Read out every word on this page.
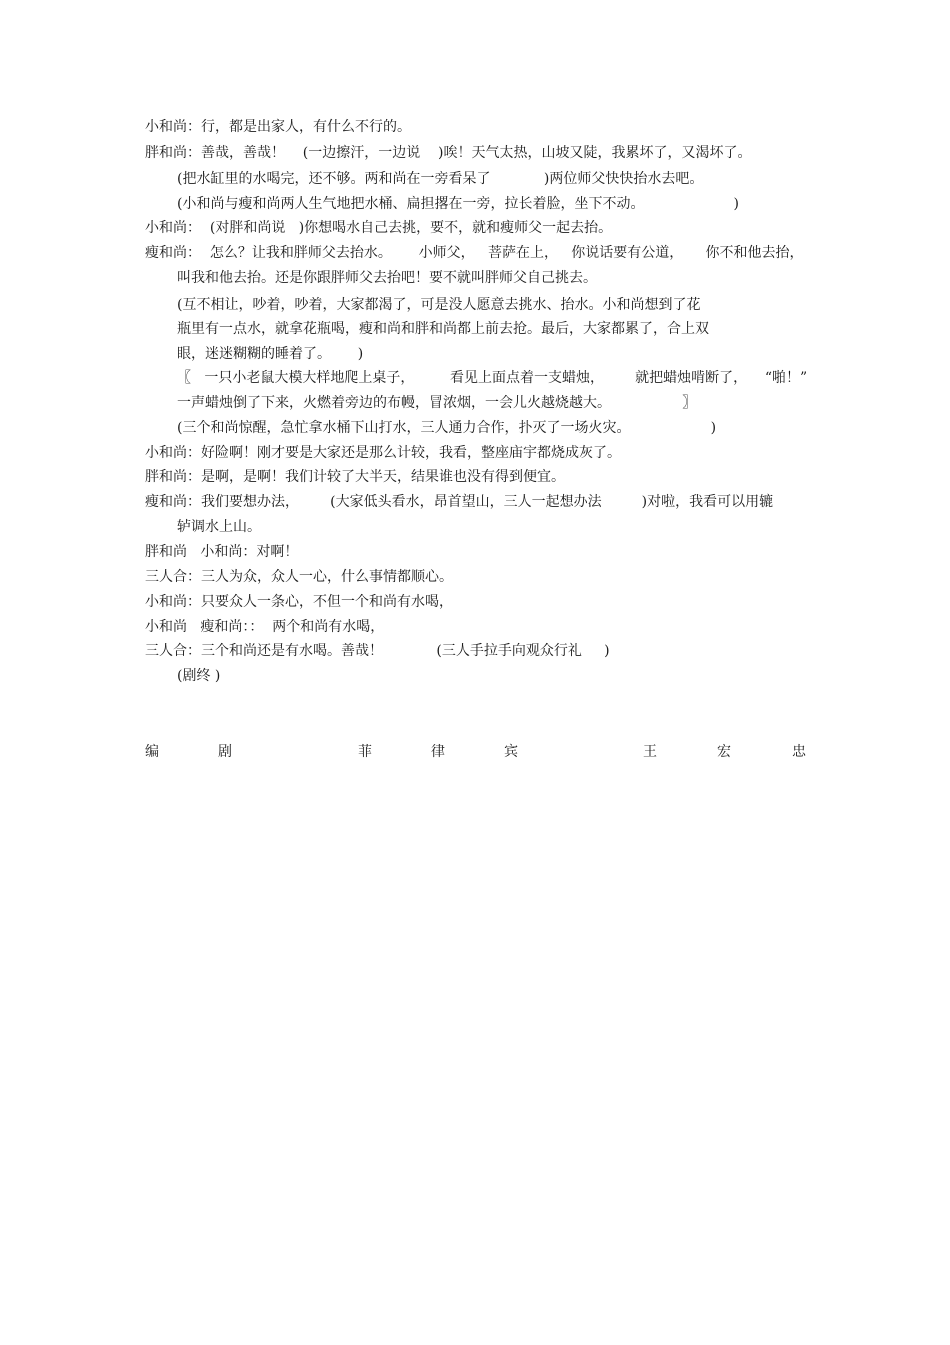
小和尚：行，都是出家人，有什么不行的。
胖和尚：善哉，善哉！    (一边擦汗，一边说    )唉！天气太热，山坡又陡，我累坏了，又渴坏了。
(把水缸里的水喝完，还不够。两和尚在一旁看呆了            )两位师父快快抬水去吧。
(小和尚与瘦和尚两人生气地把水桶、扁担撂在一旁，拉长着脸，坐下不动。                    )
小和尚：  (对胖和尚说   )你想喝水自己去挑，要不，就和瘦师父一起去抬。
瘦和尚：  怎么？让我和胖师父去抬水。      小师父，   菩萨在上，   你说话要有公道，     你不和他去抬，
叫我和他去抬。还是你跟胖师父去抬吧！要不就叫胖师父自己挑去。
(互不相让，吵着，吵着，大家都渴了，可是没人愿意去挑水、抬水。小和尚想到了花
瓶里有一点水，就拿花瓶喝，瘦和尚和胖和尚都上前去抢。最后，大家都累了，合上双
眼，迷迷糊糊的睡着了。      )
〖   一只小老鼠大模大样地爬上桌子，        看见上面点着一支蜡烛，       就把蜡烛啃断了，    “啪！”
一声蜡烛倒了下来，火燃着旁边的布幔，冒浓烟，一会儿火越烧越大。                〗
(三个和尚惊醒，急忙拿水桶下山打水，三人通力合作，扑灭了一场火灾。                  )
小和尚：好险啊！刚才要是大家还是那么计较，我看，整座庙宇都烧成灰了。
胖和尚：是啊，是啊！我们计较了大半天，结果谁也没有得到便宜。
瘦和尚：我们要想办法，       (大家低头看水，昂首望山，三人一起想办法         )对啦，我看可以用辘
轳调水上山。
胖和尚   小和尚：对啊！
三人合：三人为众，众人一心，什么事情都顺心。
小和尚：只要众人一条心，不但一个和尚有水喝，
小和尚   瘦和尚：：  两个和尚有水喝，
三人合：三个和尚还是有水喝。善哉！            (三人手拉手向观众行礼     )
(剧终 )
编	剧	菲	律	宾	王	宏	忠
